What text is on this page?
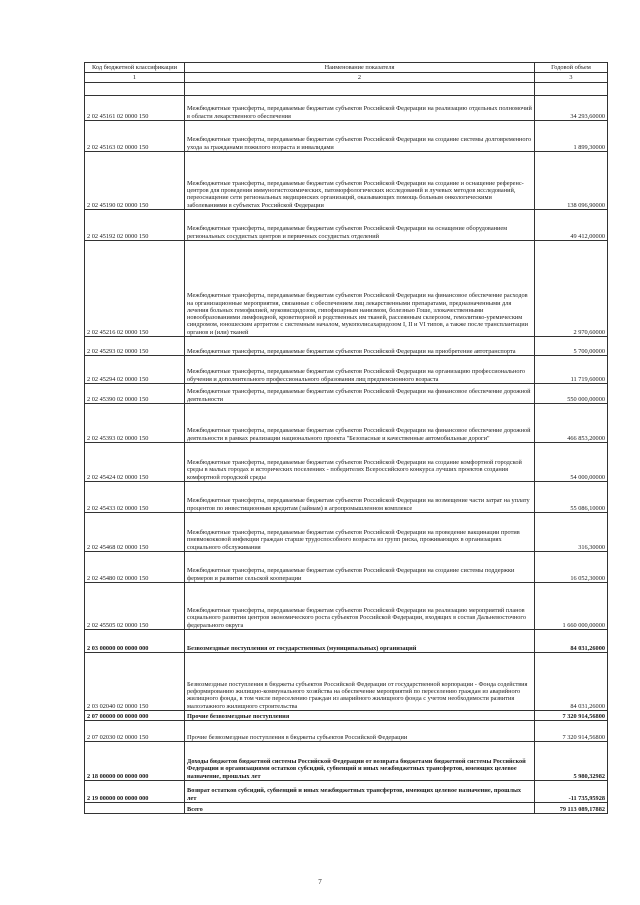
Код бюджетной классификации	Наименование показателя	Годовой объем
1	2	3

2 02 45161 02 0000 150	Межбюджетные трансферты, передаваемые бюджетам субъектов Российской Федерации на реализацию отдельных полномочий в области лекарственного обеспечения	34 293,60000
2 02 45163 02 0000 150	Межбюджетные трансферты, передаваемые бюджетам субъектов Российской Федерации на создание системы долговременного ухода за гражданами пожилого возраста и инвалидами	1 899,30000
2 02 45190 02 0000 150	Межбюджетные трансферты, передаваемые бюджетам субъектов Российской Федерации на создание и оснащение референс-центров для проведения иммуногистохимических, патоморфологических исследований и лучевых методов исследований, переоснащение сети региональных медицинских организаций, оказывающих помощь больным онкологическими заболеваниями в субъектах Российской Федерации	138 096,90000
2 02 45192 02 0000 150	Межбюджетные трансферты, передаваемые бюджетам субъектов Российской Федерации на оснащение оборудованием региональных сосудистых центров и первичных сосудистых отделений	49 412,00000
2 02 45216 02 0000 150	Межбюджетные трансферты, передаваемые бюджетам субъектов Российской Федерации на финансовое обеспечение расходов на организационные мероприятия, связанные с обеспечением лиц лекарственными препаратами, предназначенными для лечения больных гемофилией, муковисцидозом, гипофизарным нанизмом, болезнью Гоше, злокачественными новообразованиями лимфоидной, кроветворной и родственных им тканей, рассеянным склерозом, гемолитико-уремическим синдромом, юношеским артритом с системным началом, мукополисахаридозом I, II и VI типов, а также после трансплантации органов и (или) тканей	2 970,60000
2 02 45293 02 0000 150	Межбюджетные трансферты, передаваемые бюджетам субъектов Российской Федерации на приобретение автотранспорта	5 700,00000
2 02 45294 02 0000 150	Межбюджетные трансферты, передаваемые бюджетам субъектов Российской Федерации на организацию профессионального обучения и дополнительного профессионального образования лиц предпенсионного возраста	11 719,60000
2 02 45390 02 0000 150	Межбюджетные трансферты, передаваемые бюджетам субъектов Российской Федерации на финансовое обеспечение дорожной деятельности	550 000,00000
2 02 45393 02 0000 150	Межбюджетные трансферты, передаваемые бюджетам субъектов Российской Федерации на финансовое обеспечение дорожной деятельности в рамках реализации национального проекта "Безопасные и качественные автомобильные дороги"	466 853,20000
2 02 45424 02 0000 150	Межбюджетные трансферты, передаваемые бюджетам субъектов Российской Федерации на создание комфортной городской среды в малых городах и исторических поселениях - победителях Всероссийского конкурса лучших проектов создания комфортной городской среды	54 000,00000
2 02 45433 02 0000 150	Межбюджетные трансферты, передаваемые бюджетам субъектов Российской Федерации на возмещение части затрат на уплату процентов по инвестиционным кредитам (займам) в агропромышленном комплексе	55 086,10000
2 02 45468 02 0000 150	Межбюджетные трансферты, передаваемые бюджетам субъектов Российской Федерации на проведение вакцинации против пневмококковой инфекции граждан старше трудоспособного возраста из групп риска, проживающих в организациях социального обслуживания	316,30000
2 02 45480 02 0000 150	Межбюджетные трансферты, передаваемые бюджетам субъектов Российской Федерации на создание системы поддержки фермеров и развитие сельской кооперации	16 052,30000
2 02 45505 02 0000 150	Межбюджетные трансферты, передаваемые бюджетам субъектов Российской Федерации на реализацию мероприятий планов социального развития центров экономического роста субъектов Российской Федерации, входящих в состав Дальневосточного федерального округа	1 660 000,00000
2 03 00000 00 0000 000	Безвозмездные поступления от государственных (муниципальных) организаций	84 031,26000
2 03 02040 02 0000 150	Безвозмездные поступления в бюджеты субъектов Российской Федерации от государственной корпорации - Фонда содействия реформированию жилищно-коммунального хозяйства на обеспечение мероприятий по переселению граждан из аварийного жилищного фонда, в том числе переселению граждан из аварийного жилищного фонда с учетом необходимости развития малоэтажного жилищного строительства	84 031,26000
2 07 00000 00 0000 000	Прочие безвозмездные поступления	7 320 914,56800
2 07 02030 02 0000 150	Прочие безвозмездные поступления в бюджеты субъектов Российской Федерации	7 320 914,56800
2 18 00000 00 0000 000	Доходы бюджетов бюджетной системы Российской Федерации от возврата бюджетами бюджетной системы Российской Федерации и организациями остатков субсидий, субвенций и иных межбюджетных трансфертов, имеющих целевое назначение, прошлых лет	5 980,32982
2 19 00000 00 0000 000	Возврат остатков субсидий, субвенций и иных межбюджетных трансфертов, имеющих целевое назначение, прошлых лет	-11 735,95928
	Всего	79 113 089,17882
7
